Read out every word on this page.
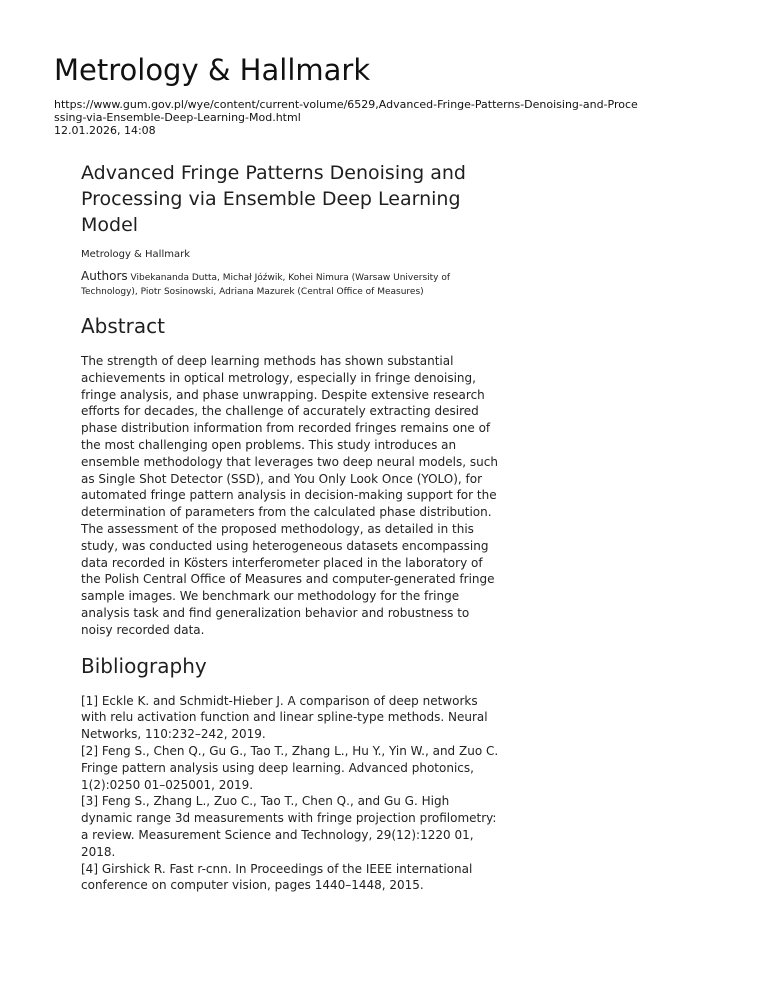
Metrology & Hallmark
https://www.gum.gov.pl/wye/content/current-volume/6529,Advanced-Fringe-Patterns-Denoising-and-Proce
ssing-via-Ensemble-Deep-Learning-Mod.html
12.01.2026, 14:08
Advanced Fringe Patterns Denoising and Processing via Ensemble Deep Learning Model
Metrology & Hallmark
Authors Vibekananda Dutta, Michał Jóźwik, Kohei Nimura (Warsaw University of Technology), Piotr Sosinowski, Adriana Mazurek (Central Office of Measures)
Abstract

The strength of deep learning methods has shown substantial achievements in optical metrology, especially in fringe denoising, fringe analysis, and phase unwrapping. Despite extensive research efforts for decades, the challenge of accurately extracting desired phase distribution information from recorded fringes remains one of the most challenging open problems. This study introduces an ensemble methodology that leverages two deep neural models, such as Single Shot Detector (SSD), and You Only Look Once (YOLO), for automated fringe pattern analysis in decision-making support for the determination of parameters from the calculated phase distribution. The assessment of the proposed methodology, as detailed in this study, was conducted using heterogeneous datasets encompassing data recorded in Kösters interferometer placed in the laboratory of the Polish Central Office of Measures and computer-generated fringe sample images. We benchmark our methodology for the fringe analysis task and find generalization behavior and robustness to noisy recorded data.

Bibliography
[1] Eckle K. and Schmidt-Hieber J. A comparison of deep networks with relu activation function and linear spline-type methods. Neural Networks, 110:232–242, 2019.
[2] Feng S., Chen Q., Gu G., Tao T., Zhang L., Hu Y., Yin W., and Zuo C. Fringe pattern analysis using deep learning. Advanced photonics, 1(2):0250 01–025001, 2019.
[3] Feng S., Zhang L., Zuo C., Tao T., Chen Q., and Gu G. High dynamic range 3d measurements with fringe projection profilometry: a review. Measurement Science and Technology, 29(12):1220 01, 2018.
[4] Girshick R. Fast r-cnn. In Proceedings of the IEEE international conference on computer vision, pages 1440–1448, 2015.
